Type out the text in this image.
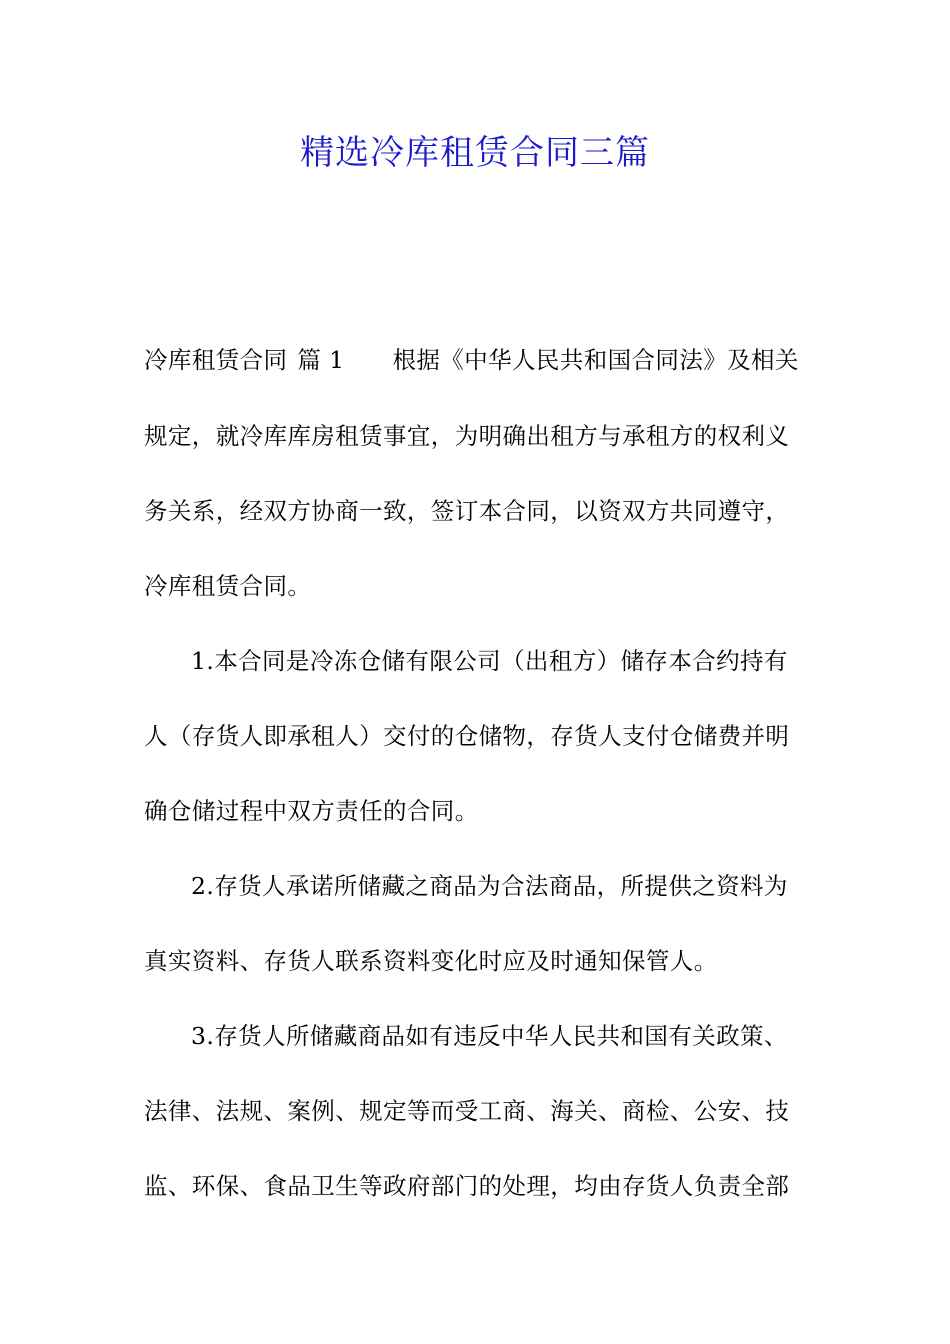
精选冷库租赁合同三篇
冷库租赁合同 篇 1 根据《中华人民共和国合同法》及相关
规定，就冷库库房租赁事宜，为明确出租方与承租方的权利义
务关系，经双方协商一致，签订本合同，以资双方共同遵守，
冷库租赁合同。
1.本合同是冷冻仓储有限公司（出租方）储存本合约持有
人（存货人即承租人）交付的仓储物，存货人支付仓储费并明
确仓储过程中双方责任的合同。
2.存货人承诺所储藏之商品为合法商品，所提供之资料为
真实资料、存货人联系资料变化时应及时通知保管人。
3.存货人所储藏商品如有违反中华人民共和国有关政策、
法律、法规、案例、规定等而受工商、海关、商检、公安、技
监、环保、食品卫生等政府部门的处理，均由存货人负责全部
